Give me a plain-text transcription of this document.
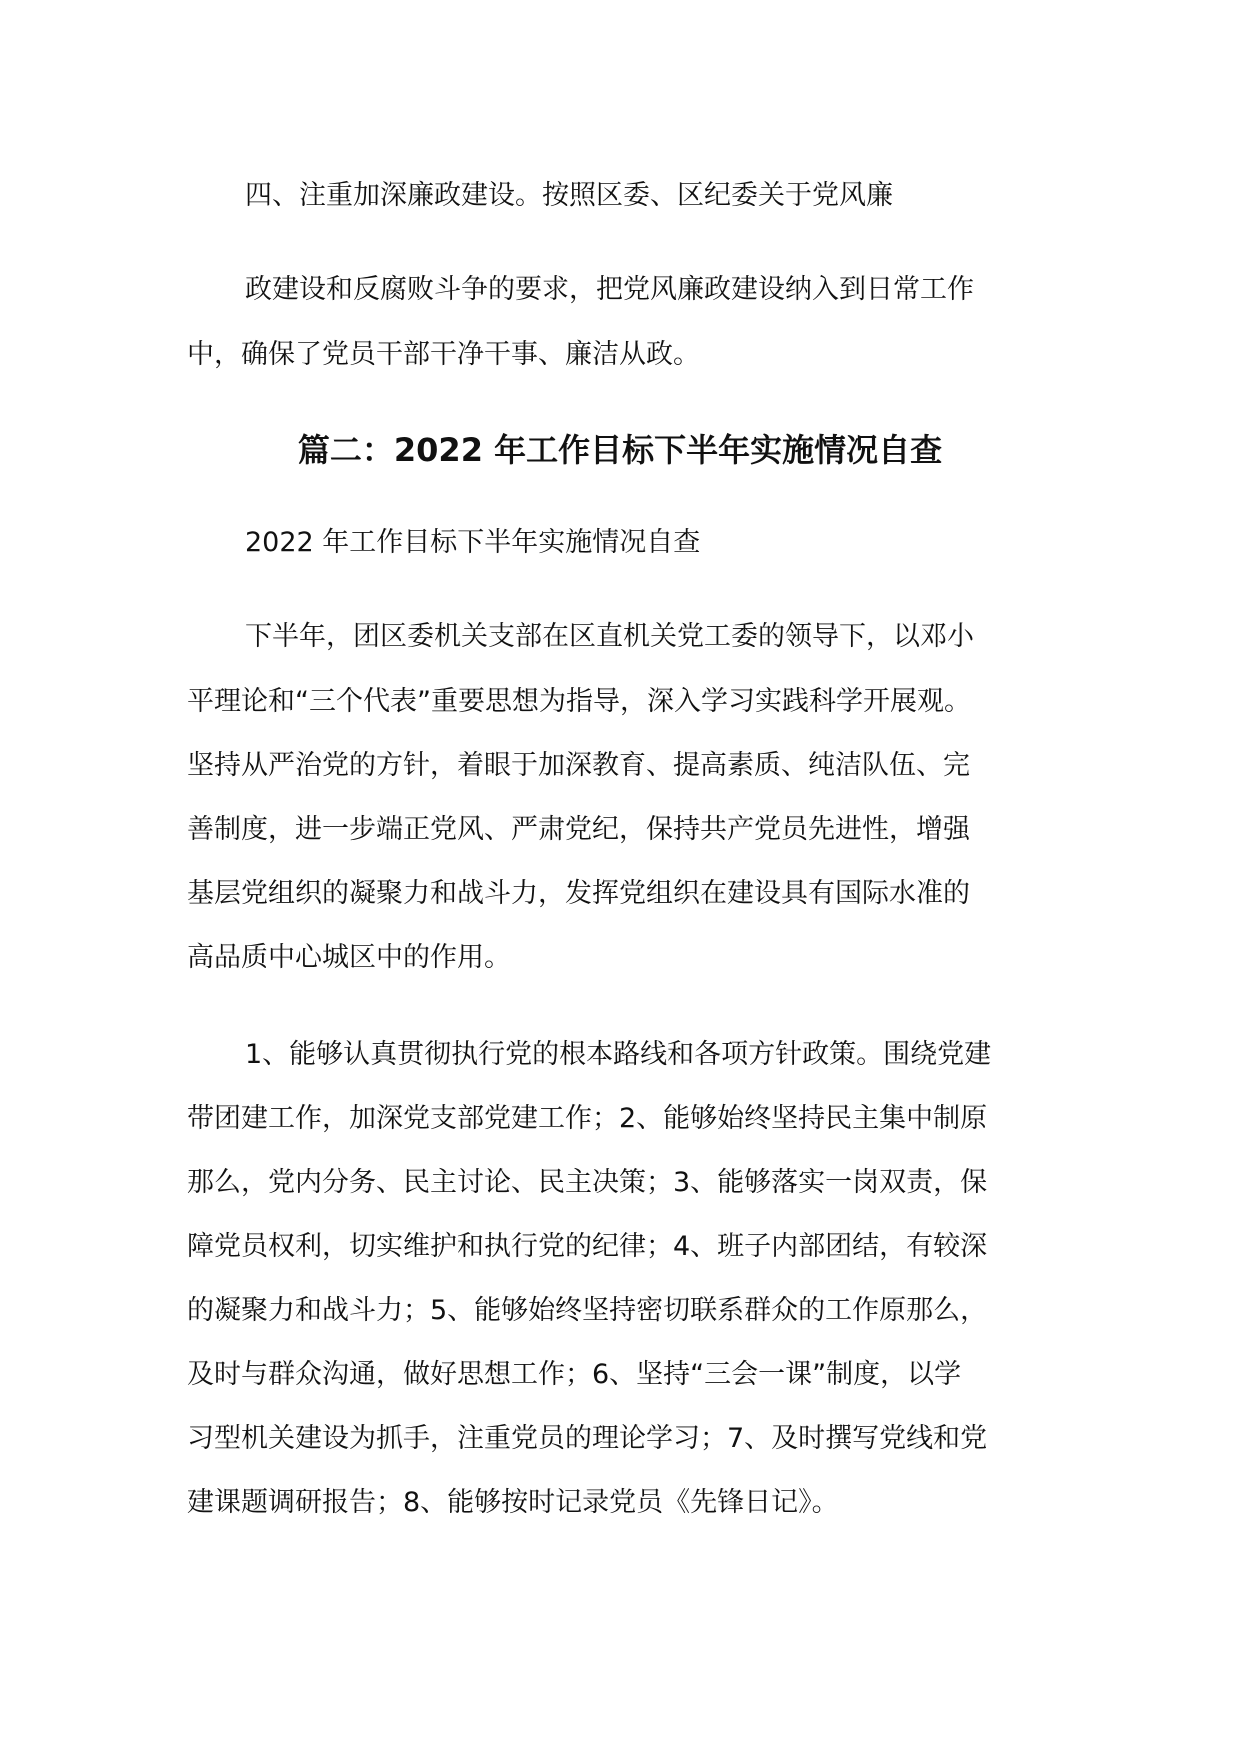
四、注重加深廉政建设。按照区委、区纪委关于党风廉

政建设和反腐败斗争的要求，把党风廉政建设纳入到日常工作

中，确保了党员干部干净干事、廉洁从政。

篇二：2022 年工作目标下半年实施情况自查

2022 年工作目标下半年实施情况自查

下半年，团区委机关支部在区直机关党工委的领导下，以邓小

平理论和“三个代表”重要思想为指导，深入学习实践科学开展观。

坚持从严治党的方针，着眼于加深教育、提高素质、纯洁队伍、完

善制度，进一步端正党风、严肃党纪，保持共产党员先进性，增强

基层党组织的凝聚力和战斗力，发挥党组织在建设具有国际水准的

高品质中心城区中的作用。

1、能够认真贯彻执行党的根本路线和各项方针政策。围绕党建

带团建工作，加深党支部党建工作；2、能够始终坚持民主集中制原

那么，党内分务、民主讨论、民主决策；3、能够落实一岗双责，保

障党员权利，切实维护和执行党的纪律；4、班子内部团结，有较深

的凝聚力和战斗力；5、能够始终坚持密切联系群众的工作原那么，

及时与群众沟通，做好思想工作；6、坚持“三会一课”制度，以学

习型机关建设为抓手，注重党员的理论学习；7、及时撰写党线和党

建课题调研报告；8、能够按时记录党员《先锋日记》。
